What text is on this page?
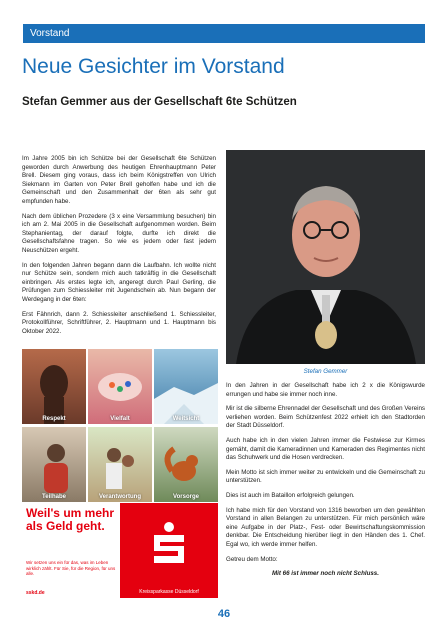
Vorstand
Neue Gesichter im Vorstand
Stefan Gemmer aus der Gesellschaft 6te Schützen

Im Jahre 2005 bin ich Schütze bei der Gesellschaft 6te Schützen geworden durch Anwerbung des heutigen Ehrenhauptmann Peter Brell. Diesem ging voraus, dass ich beim Königstreffen von Ulrich Siekmann im Garten von Peter Brell geholfen habe und ich die Gemeinschaft und den Zusammenhalt der 6ten als sehr gut empfunden habe.

Nach dem üblichen Prozedere (3 x eine Versammlung besuchen) bin ich am 2. Mai 2005 in die Gesellschaft aufgenommen worden. Beim Stephanientag, der darauf folgte, durfte ich direkt die Gesellschaftsfahne tragen. So wie es jedem oder fast jedem Neuschützen ergeht.

In den folgenden Jahren begann dann die Laufbahn. Ich wollte nicht nur Schütze sein, sondern mich auch tatkräftig in die Gesellschaft einbringen. Als erstes legte ich, angeregt durch Paul Gerling, die Prüfungen zum Schiessleiter mit Jugendschein ab. Nun begann der Werdegang in der 6ten:

Erst Fähnrich, dann 2. Schiessleiter anschließend 1. Schiessleiter, Protokollführer, Schriftführer, 2. Hauptmann und 1. Hauptmann bis Oktober 2022.

Stefan Gemmer

In den Jahren in der Gesellschaft habe ich 2 x die Königswurde errungen und habe sie immer noch inne.

Mir ist die silberne Ehrennadel der Gesellschaft und des Großen Vereins verliehen worden. Beim Schützenfest 2022 erhielt ich den Stadtorden der Stadt Düsseldorf.

Auch habe ich in den vielen Jahren immer die Festwiese zur Kirmes gemäht, damit die Kameradinnen und Kameraden des Regimentes nicht das Schuhwerk und die Hosen verdrecken.

Mein Motto ist sich immer weiter zu entwickeln und die Gemeinschaft zu unterstützen.

Dies ist auch im Bataillon erfolgreich gelungen.

Ich habe mich für den Vorstand von 1316 beworben um den gewählten Vorstand in allen Belangen zu unterstützen. Für mich persönlich wäre eine Aufgabe in der Platz-, Fest- oder Bewirtschaftungskommission denkbar. Die Entscheidung hierüber liegt in den Händen des 1. Chef. Egal wo, ich werde immer helfen.

Getreu dem Motto:

Mit 66 ist immer noch nicht Schluss.

Respekt	Vielfalt	Weitsicht
Teilhabe	Verantwortung	Vorsorge
Weil's um mehr als Geld geht.
Wir setzen uns ein für das, was im Leben wirklich zählt. Für Sie, für die Region, für uns alle.
sskd.de	Kreissparkasse Düsseldorf
46
